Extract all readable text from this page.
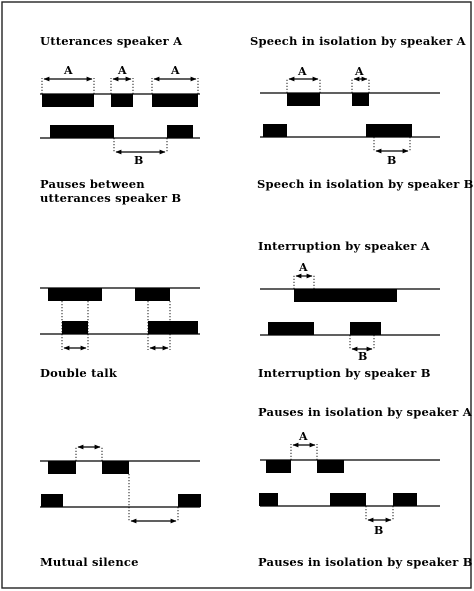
Utterances speaker A
A	A	A
B
Pauses between
utterances speaker B
Speech in isolation by speaker A
A	A
B
Speech in isolation by speaker B
Double talk
Interruption by speaker A
A
B
Interruption by speaker B
Mutual silence
Pauses in isolation by speaker A
A
B
Pauses in isolation by speaker B
